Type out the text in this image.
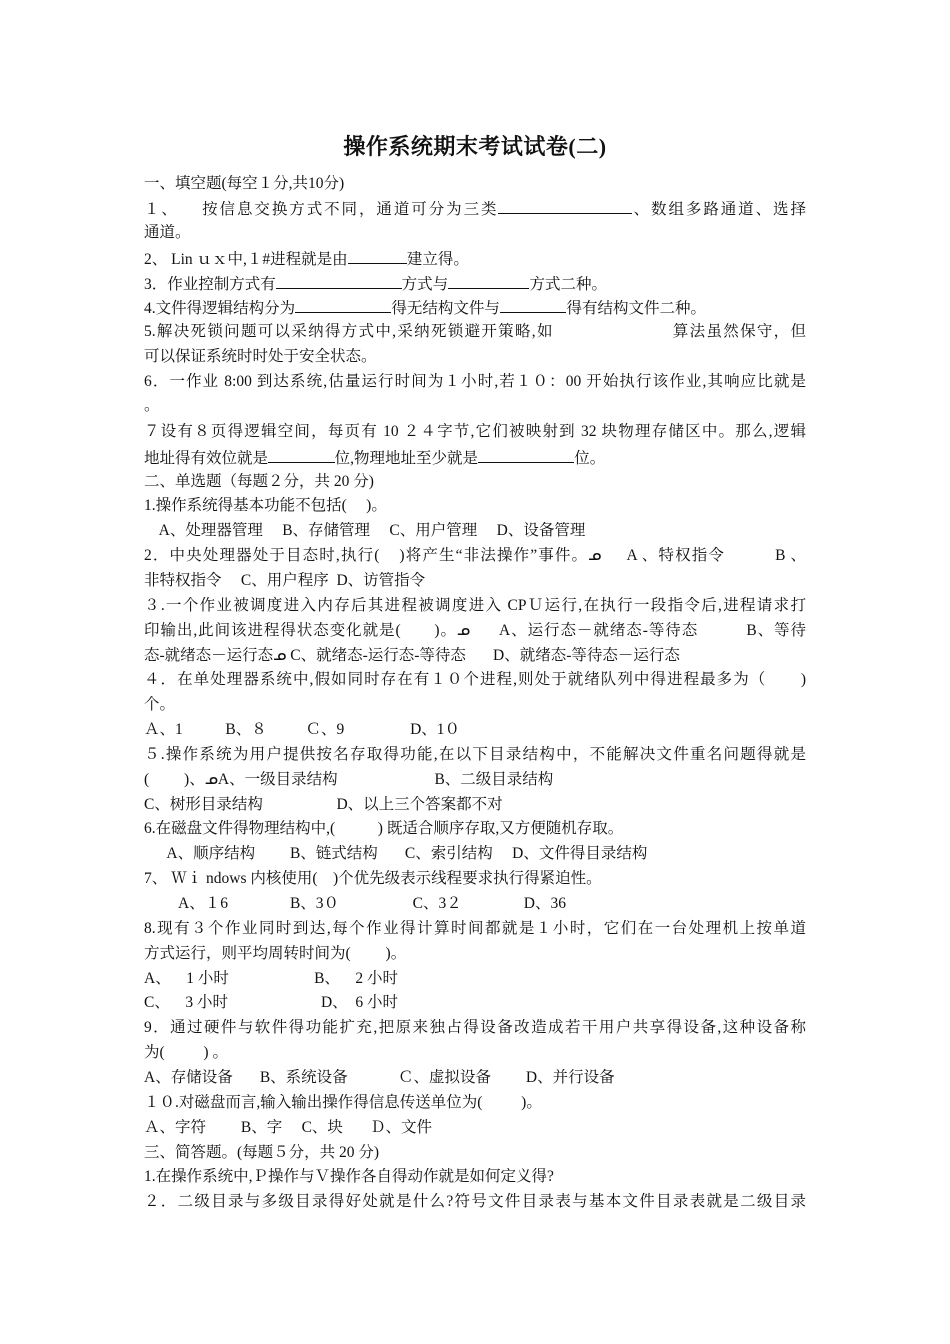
操作系统期末考试试卷(二)
一、填空题(每空１分,共10分)
１、    按信息交换方式不同，通道可分为三类	、数组多路通道、选择
通道。
2、 Lin ｕｘ中,１#进程就是由	建立得。
3．作业控制方式有	方式与	方式二种。
4.文件得逻辑结构分为	得无结构文件与	得有结构文件二种。
5.解决死锁问题可以采纳得方式中,采纳死锁避开策略,如                       算法虽然保守，但
可以保证系统时时处于安全状态。
6．一作业 8:00 到达系统,估量运行时间为１小时,若１０：00 开始执行该作业,其响应比就是
。
７设有８页得逻辑空间，每页有 10 ２４字节,它们被映射到 32 块物理存储区中。那么,逻辑
地址得有效位就是	位,物理地址至少就是	位。
二、单选题（每题２分，共 20 分)
1.操作系统得基本功能不包括(     )。
A、处理器管理     B、存储管理     C、用户管理     D、设备管理
2．中央处理器处于目态时,执行(    )将产生“非法操作”事件。ᓄ     A 、特权指令          B 、
非特权指令     C、用户程序  D、访管指令
３.一个作业被调度进入内存后其进程被调度进入 CPＵ运行,在执行一段指令后,进程请求打
印输出,此间该进程得状态变化就是(       )。ᓄ      A、运行态－就绪态-等待态          B、等待
态-就绪态－运行态ᓄ C、就绪态-运行态-等待态       D、就绪态-等待态－运行态
４．在单处理器系统中,假如同时存在有１０个进程,则处于就绪队列中得进程最多为（       )
个。
Ａ、1           B、８          Ｃ、9                 D、1０
５.操作系统为用户提供按名存取得功能,在以下目录结构中，不能解决文件重名问题得就是
(         )、ᓄA、一级目录结构                         B、二级目录结构
C、树形目录结构                   D、以上三个答案都不对
6.在磁盘文件得物理结构中,(           ) 既适合顺序存取,又方便随机存取。
A、顺序结构         B、链式结构       C、索引结构     D、文件得目录结构
7、 Ｗｉ ndows 内核使用(    )个优先级表示线程要求执行得紧迫性。
A、１6                B、3０                   C、3２                D、36
8.现有３个作业同时到达,每个作业得计算时间都就是１小时，它们在一台处理机上按单道
方式运行，则平均周转时间为(         )。
A、    1 小时                      B、    2 小时
C、    3 小时                        D、  6 小时
9．通过硬件与软件得功能扩充,把原来独占得设备改造成若干用户共享得设备,这种设备称
为(          ) 。
A、存储设备       B、系统设备             Ｃ、虚拟设备         D、并行设备
１０.对磁盘而言,输入输出操作得信息传送单位为(          )。
Ａ、字符         B、字     C、块       Ｄ、文件
三、简答题。(每题５分，共 20 分)
1.在操作系统中,Ｐ操作与Ｖ操作各自得动作就是如何定义得?
２．二级目录与多级目录得好处就是什么?符号文件目录表与基本文件目录表就是二级目录
